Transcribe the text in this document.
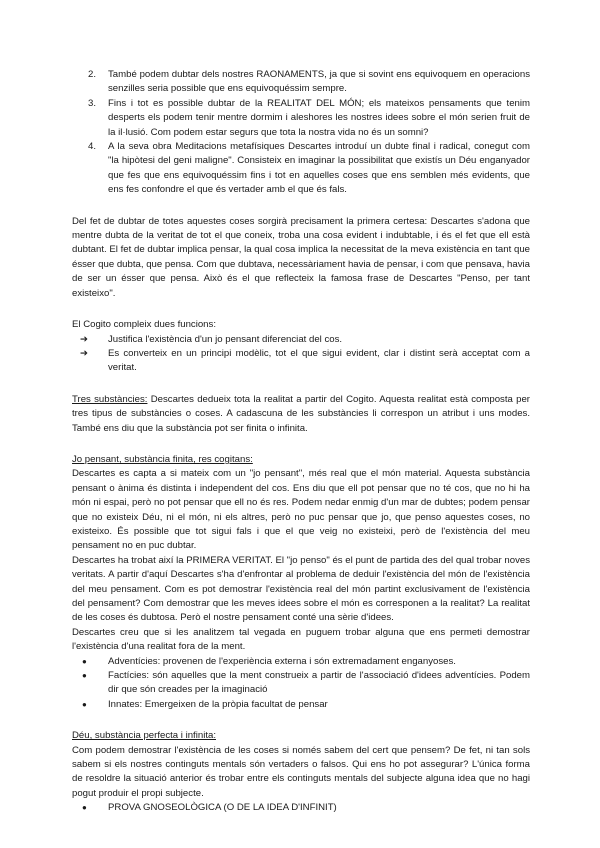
2.	També podem dubtar dels nostres RAONAMENTS, ja que si sovint ens equivoquem en operacions senzilles seria possible que ens equivoquéssim sempre.
3.	Fins i tot es possible dubtar de la REALITAT DEL MÓN; els mateixos pensaments que tenim desperts els podem tenir mentre dormim i aleshores les nostres idees sobre el món serien fruit de la il·lusió. Com podem estar segurs que tota la nostra vida no és un somni?
4.	A la seva obra Meditacions metafísiques Descartes introduí un dubte final i radical, conegut com "la hipòtesi del geni maligne". Consisteix en imaginar la possibilitat que existís un Déu enganyador que fes que ens equivoquéssim fins i tot en aquelles coses que ens semblen més evidents, que ens fes confondre el que és vertader amb el que és fals.

Del fet de dubtar de totes aquestes coses sorgirà precisament la primera certesa: Descartes s'adona que mentre dubta de la veritat de tot el que coneix, troba una cosa evident i indubtable, i és el fet que ell està dubtant. El fet de dubtar implica pensar, la qual cosa implica la necessitat de la meva existència en tant que ésser que dubta, que pensa. Com que dubtava, necessàriament havia de pensar, i com que pensava, havia de ser un ésser que pensa. Això és el que reflecteix la famosa frase de Descartes "Penso, per tant existeixo".

El Cogito compleix dues funcions:

➔	Justifica l'existència d'un jo pensant diferenciat del cos.
➔	Es converteix en un principi modèlic, tot el que sigui evident, clar i distint serà acceptat com a veritat.

Tres substàncies: Descartes dedueix tota la realitat a partir del Cogito. Aquesta realitat està composta per tres tipus de substàncies o coses. A cadascuna de les substàncies li correspon un atribut i uns modes. També ens diu que la substància pot ser finita o infinita.

Jo pensant, substància finita, res cogitans:

Descartes es capta a si mateix com un "jo pensant", més real que el món material. Aquesta substància pensant o ànima és distinta i independent del cos. Ens diu que ell pot pensar que no té cos, que no hi ha món ni espai, però no pot pensar que ell no és res. Podem nedar enmig d'un mar de dubtes; podem pensar que no existeix Déu, ni el món, ni els altres, però no puc pensar que jo, que penso aquestes coses, no existeixo. És possible que tot sigui fals i que el que veig no existeixi, però de l'existència del meu pensament no en puc dubtar.

Descartes ha trobat així la PRIMERA VERITAT. El "jo penso" és el punt de partida des del qual trobar noves veritats. A partir d'aquí Descartes s'ha d'enfrontar al problema de deduir l'existència del món de l'existència del meu pensament. Com es pot demostrar l'existència real del món partint exclusivament de l'existència del pensament? Com demostrar que les meves idees sobre el món es corresponen a la realitat? La realitat de les coses és dubtosa. Però el nostre pensament conté una sèrie d'idees.

Descartes creu que si les analitzem tal vegada en puguem trobar alguna que ens permeti demostrar l'existència d'una realitat fora de la ment.

●	Adventícies: provenen de l'experiència externa i són extremadament enganyoses.
●	Factícies: són aquelles que la ment construeix a partir de l'associació d'idees adventícies. Podem dir que són creades per la imaginació
●	Innates: Emergeixen de la pròpia facultat de pensar

Déu, substància perfecta i infinita:

Com podem demostrar l'existència de les coses si només sabem del cert que pensem? De fet, ni tan sols sabem si els nostres continguts mentals són vertaders o falsos. Qui ens ho pot assegurar? L'única forma de resoldre la situació anterior és trobar entre els continguts mentals del subjecte alguna idea que no hagi pogut produir el propi subjecte.

●	PROVA GNOSEOLÒGICA (O DE LA IDEA D'INFINIT)
